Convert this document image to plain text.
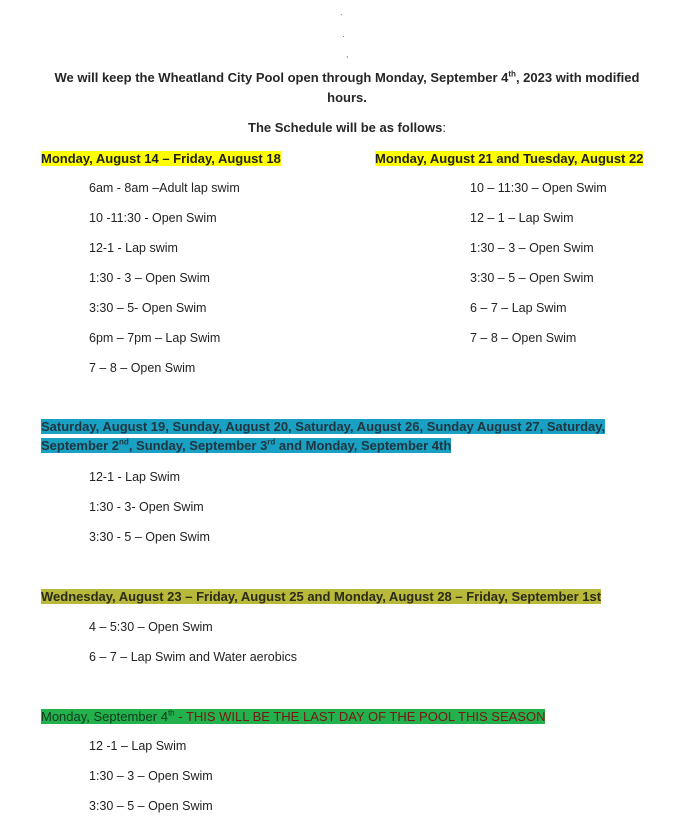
`
·
,
We will keep the Wheatland City Pool open through Monday, September 4th, 2023 with modified hours.
The Schedule will be as follows:
Monday, August 14 – Friday, August 18
6am - 8am –Adult lap swim
10 -11:30 - Open Swim
12-1 - Lap swim
1:30 - 3 – Open Swim
3:30 – 5- Open Swim
6pm – 7pm – Lap Swim
7 – 8 – Open Swim
Monday, August 21 and Tuesday, August 22
10 – 11:30 – Open Swim
12 – 1 – Lap Swim
1:30 – 3 – Open Swim
3:30 – 5 – Open Swim
6 – 7 – Lap Swim
7 – 8 – Open Swim
Saturday, August 19, Sunday, August 20, Saturday, August 26, Sunday August 27, Saturday, September 2nd, Sunday, September 3rd and Monday, September 4th
12-1 - Lap Swim
1:30 - 3- Open Swim
3:30 - 5 – Open Swim
Wednesday, August 23 – Friday, August 25 and Monday, August 28 – Friday, September 1st
4 – 5:30 – Open Swim
6 – 7 – Lap Swim and Water aerobics
Monday, September 4th - THIS WILL BE THE LAST DAY OF THE POOL THIS SEASON
12 -1 – Lap Swim
1:30 – 3 – Open Swim
3:30 – 5 – Open Swim
